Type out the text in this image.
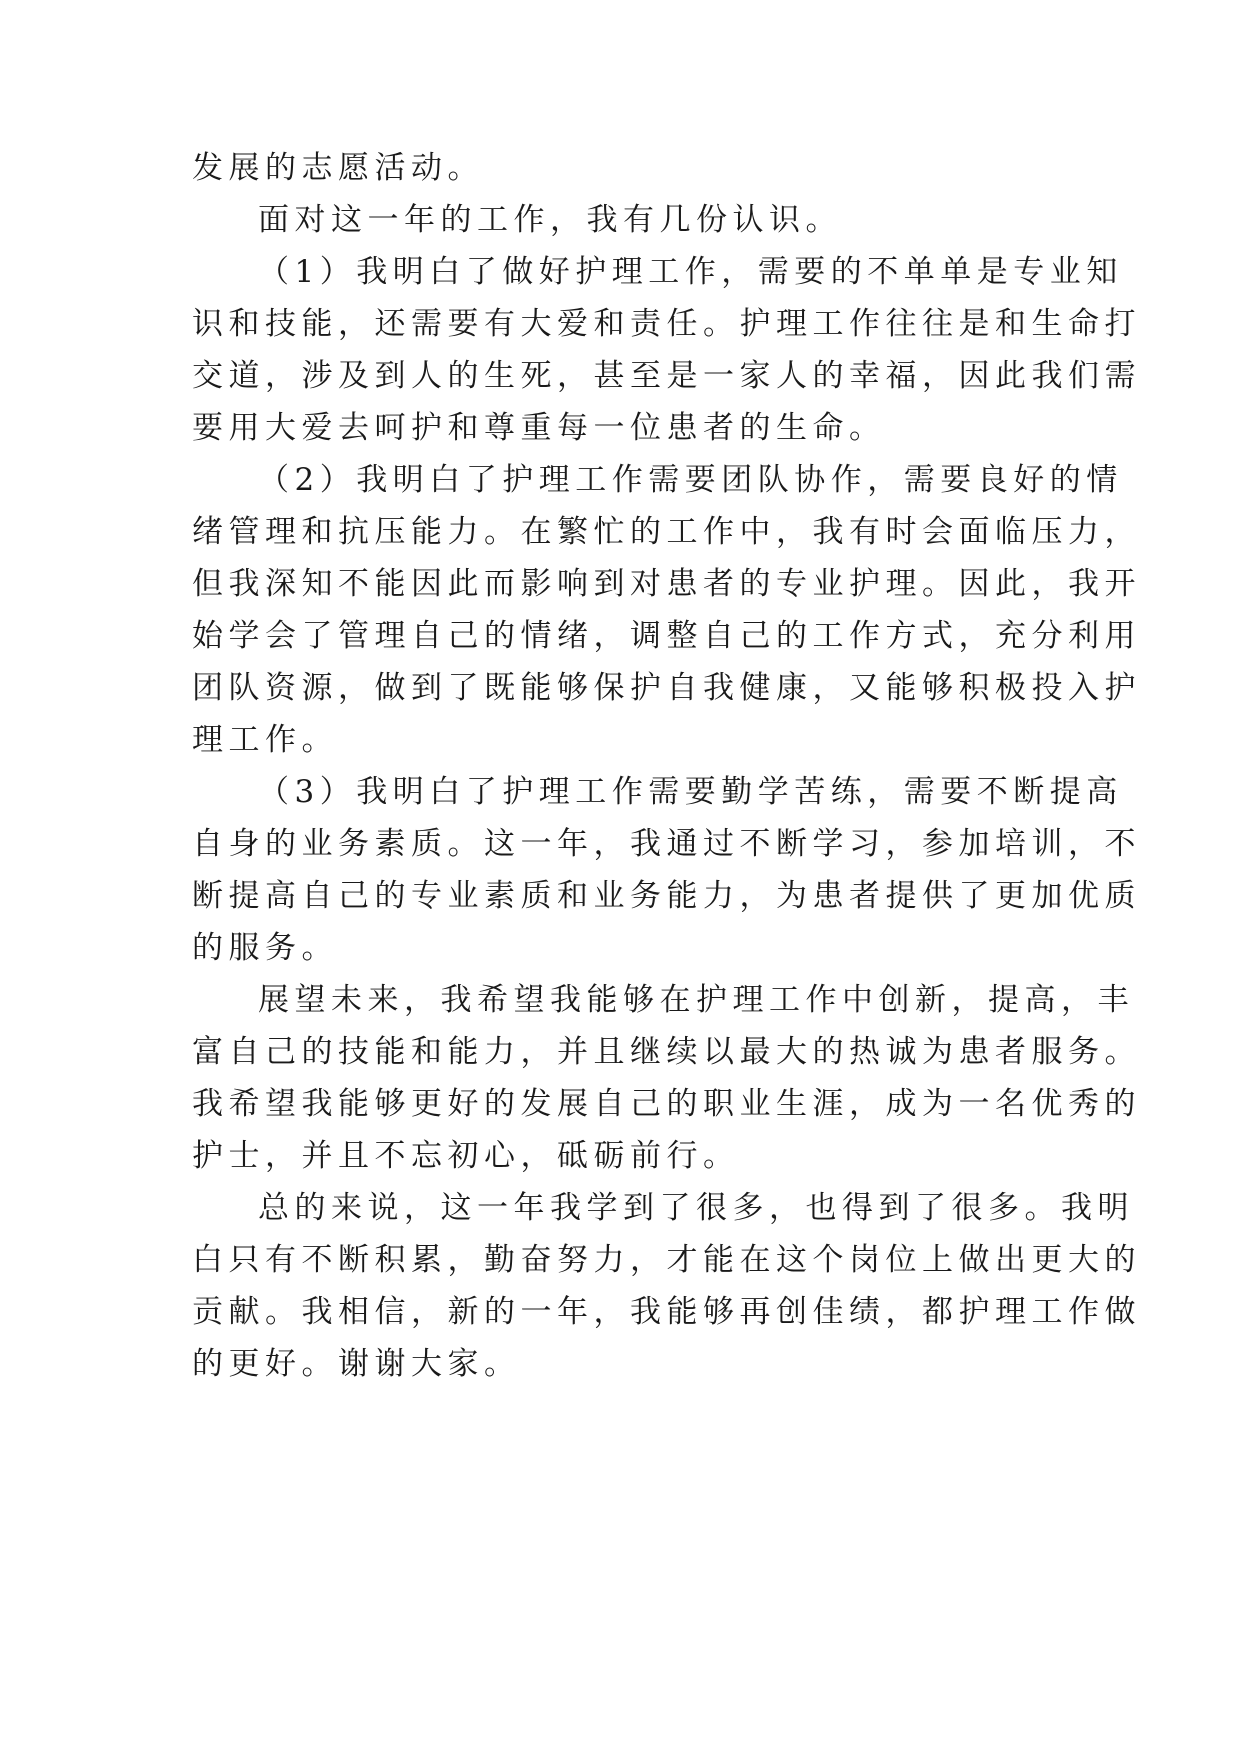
发展的志愿活动。
面对这一年的工作，我有几份认识。
（1）我明白了做好护理工作，需要的不单单是专业知
识和技能，还需要有大爱和责任。护理工作往往是和生命打
交道，涉及到人的生死，甚至是一家人的幸福，因此我们需
要用大爱去呵护和尊重每一位患者的生命。
（2）我明白了护理工作需要团队协作，需要良好的情
绪管理和抗压能力。在繁忙的工作中，我有时会面临压力，
但我深知不能因此而影响到对患者的专业护理。因此，我开
始学会了管理自己的情绪，调整自己的工作方式，充分利用
团队资源，做到了既能够保护自我健康，又能够积极投入护
理工作。
（3）我明白了护理工作需要勤学苦练，需要不断提高
自身的业务素质。这一年，我通过不断学习，参加培训，不
断提高自己的专业素质和业务能力，为患者提供了更加优质
的服务。
展望未来，我希望我能够在护理工作中创新，提高，丰
富自己的技能和能力，并且继续以最大的热诚为患者服务。
我希望我能够更好的发展自己的职业生涯，成为一名优秀的
护士，并且不忘初心，砥砺前行。
总的来说，这一年我学到了很多，也得到了很多。我明
白只有不断积累，勤奋努力，才能在这个岗位上做出更大的
贡献。我相信，新的一年，我能够再创佳绩，都护理工作做
的更好。谢谢大家。
